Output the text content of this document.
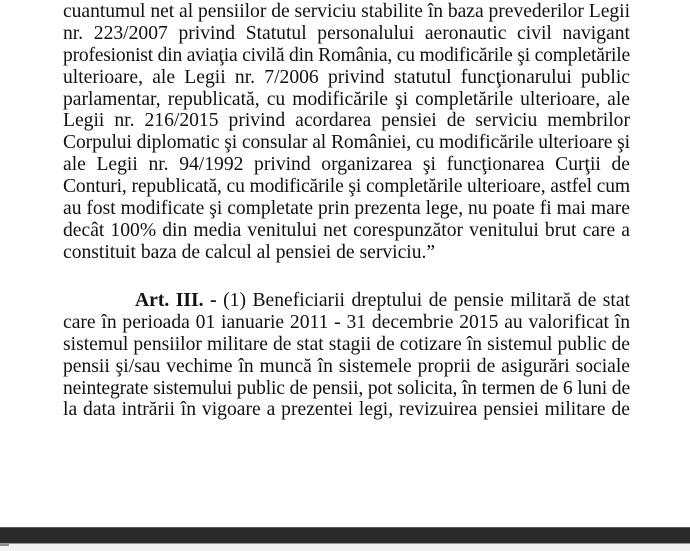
cuantumul net al pensiilor de serviciu stabilite în baza prevederilor Legii
nr. 223/2007 privind Statutul personalului aeronautic civil navigant
profesionist din aviaţia civilă din România, cu modificările şi completările
ulterioare, ale Legii nr. 7/2006 privind statutul funcţionarului public
parlamentar, republicată, cu modificările şi completările ulterioare, ale
Legii nr. 216/2015 privind acordarea pensiei de serviciu membrilor
Corpului diplomatic şi consular al României, cu modificările ulterioare şi
ale Legii nr. 94/1992 privind organizarea şi funcţionarea Curţii de
Conturi, republicată, cu modificările şi completările ulterioare, astfel cum
au fost modificate şi completate prin prezenta lege, nu poate fi mai mare
decât 100% din media venitului net corespunzător venitului brut care a
constituit baza de calcul al pensiei de serviciu.”
Art. III. - (1) Beneficiarii dreptului de pensie militară de stat
care în perioada 01 ianuarie 2011 - 31 decembrie 2015 au valorificat în
sistemul pensiilor militare de stat stagii de cotizare în sistemul public de
pensii şi/sau vechime în muncă în sistemele proprii de asigurări sociale
neintegrate sistemului public de pensii, pot solicita, în termen de 6 luni de
la data intrării în vigoare a prezentei legi, revizuirea pensiei militare de
